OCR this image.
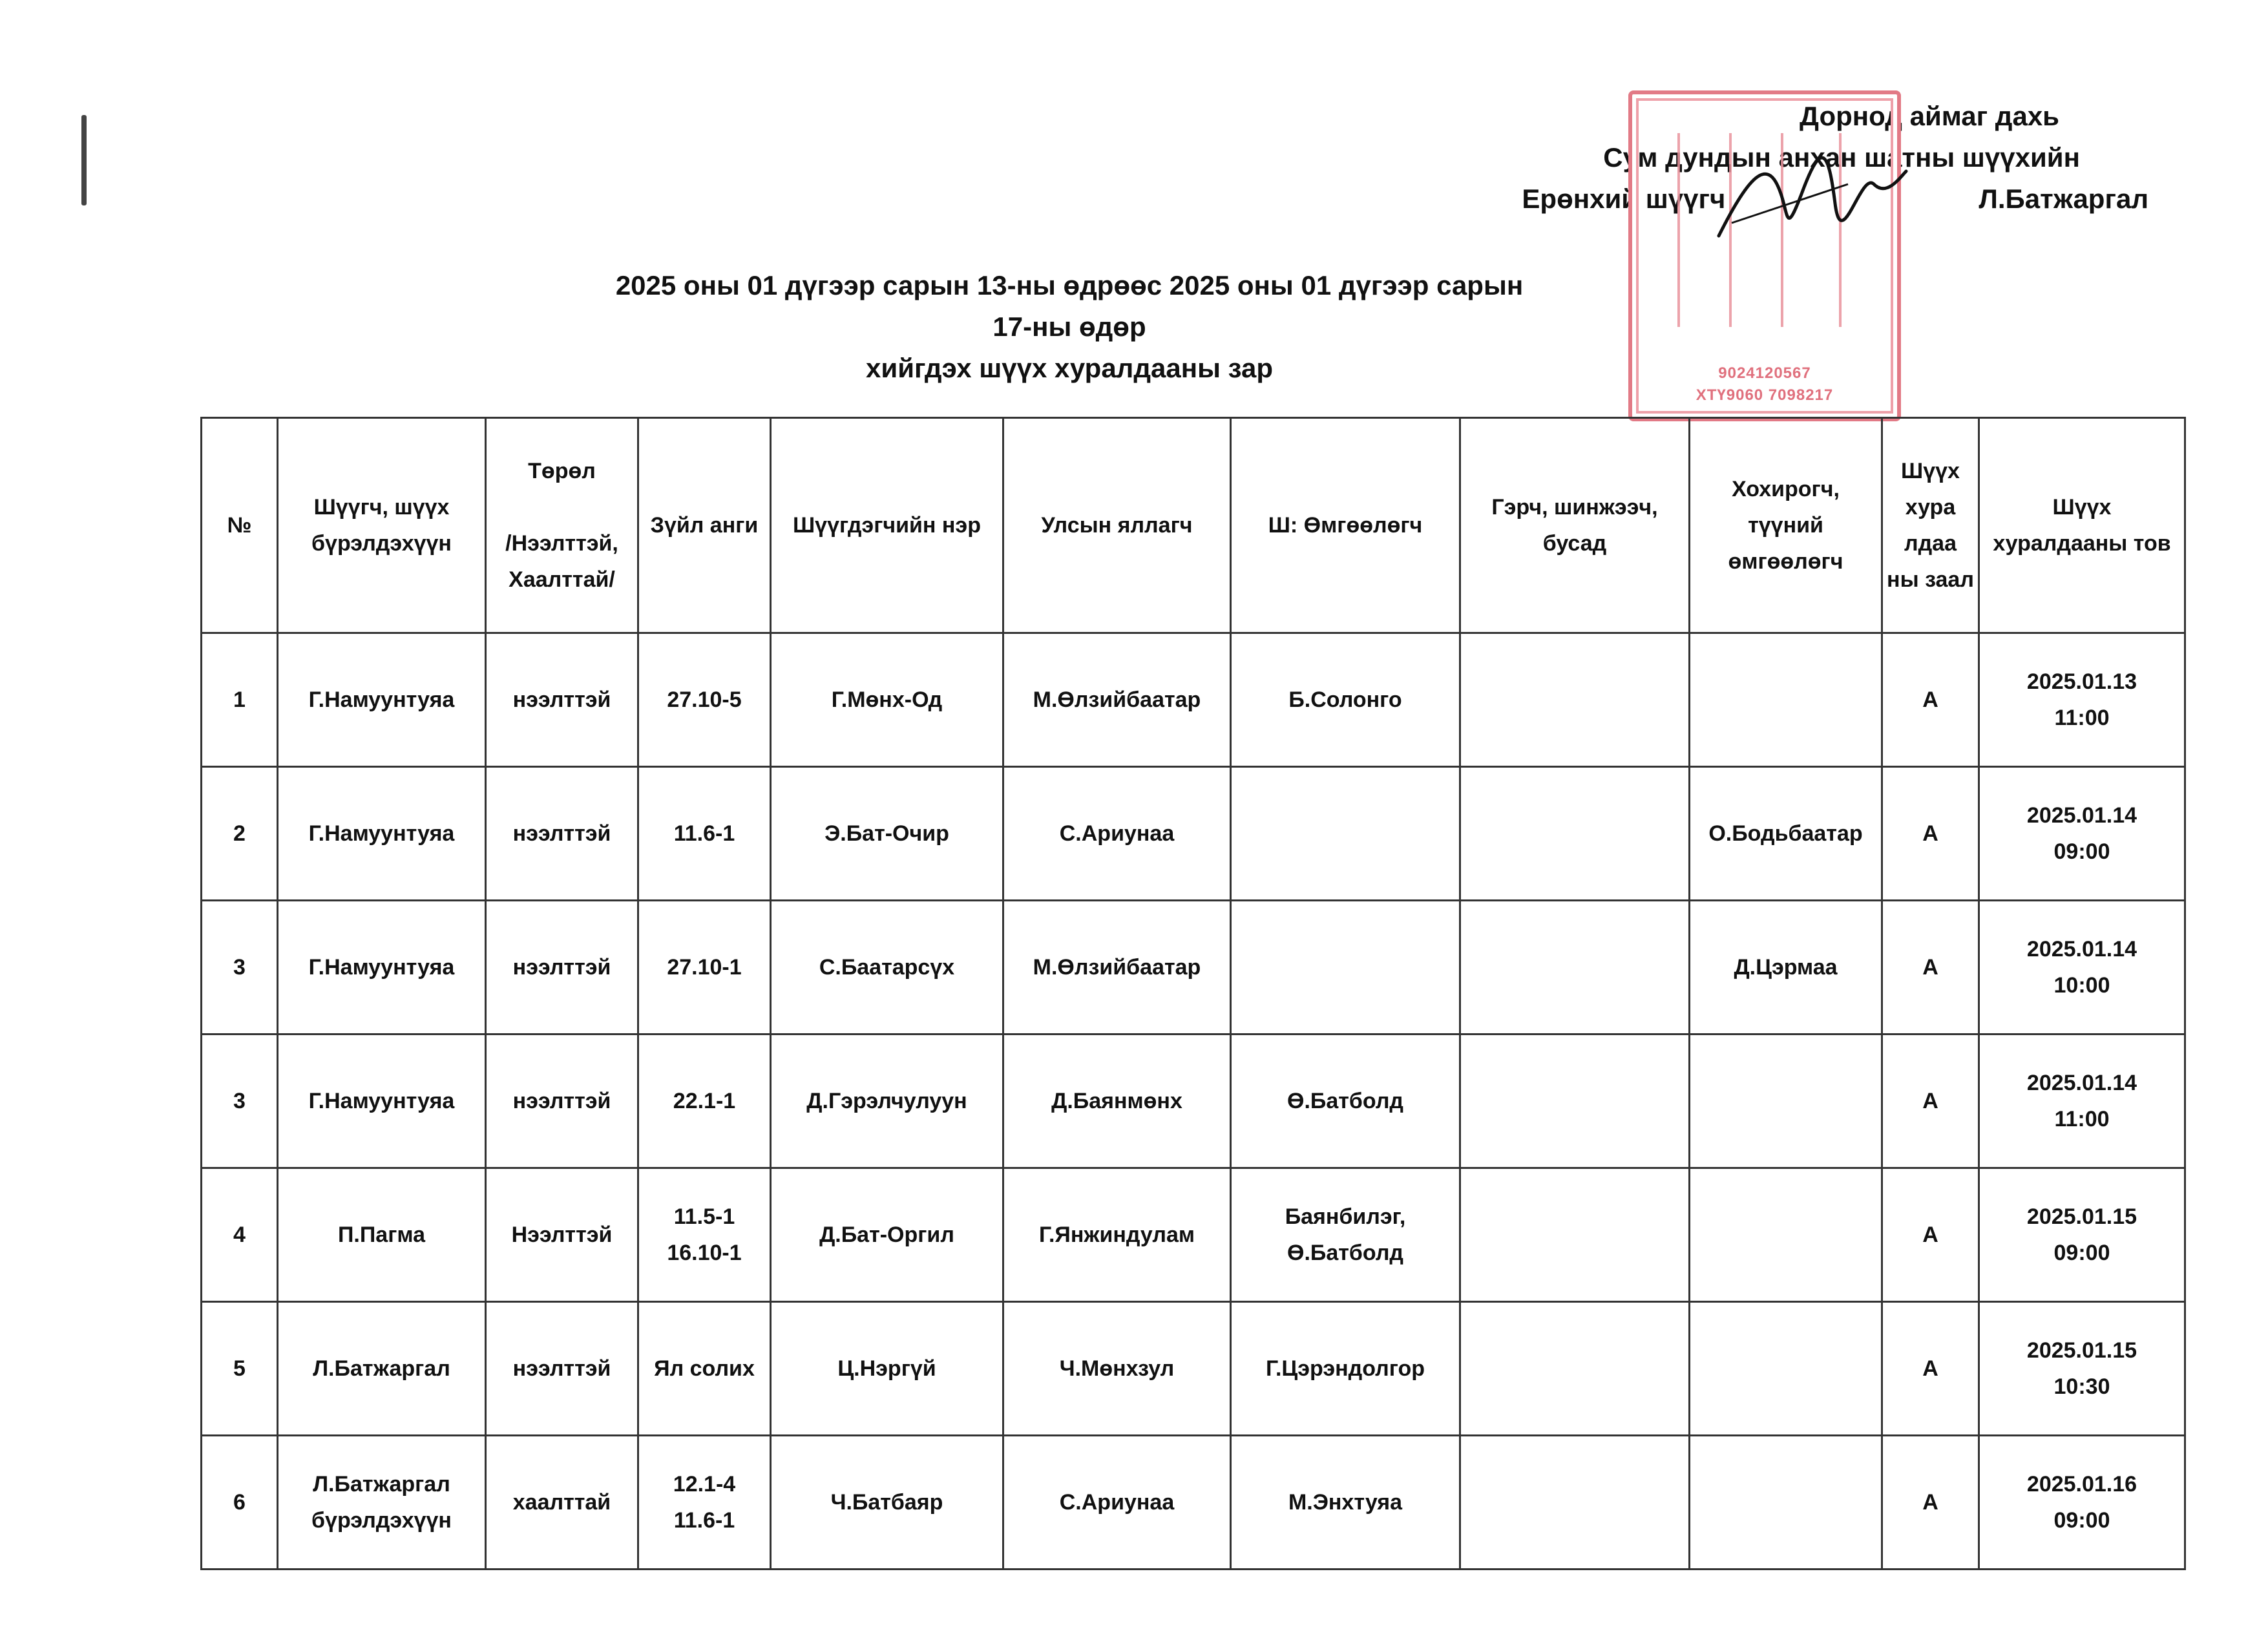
Дорнод аймаг дахь
Сум дундын анхан шатны шүүхийн
Ерөнхий шүүгч	Л.Батжаргал
9024120567
ХТҮ9060 7098217
2025 оны 01 дүгээр сарын 13-ны өдрөөс 2025 оны 01 дүгээр сарын 17-ны өдөр
хийгдэх шүүх хуралдааны зар
№	Шүүгч, шүүх бүрэлдэхүүн	Төрөл

/Нээлттэй, Хаалттай/	Зүйл анги	Шүүгдэгчийн нэр	Улсын яллагч	Ш: Өмгөөлөгч	Гэрч, шинжээч, бусад	Хохирогч, түүний өмгөөлөгч	Шүүх хура лдаа ны заал	Шүүх хуралдааны тов
1	Г.Намуунтуяа	нээлттэй	27.10-5	Г.Мөнх-Од	М.Өлзийбаатар	Б.Солонго			А	2025.01.13
11:00
2	Г.Намуунтуяа	нээлттэй	11.6-1	Э.Бат-Очир	С.Ариунаа			О.Бодьбаатар	А	2025.01.14
09:00
3	Г.Намуунтуяа	нээлттэй	27.10-1	С.Баатарсүх	М.Өлзийбаатар			Д.Цэрмаа	А	2025.01.14
10:00
3	Г.Намуунтуяа	нээлттэй	22.1-1	Д.Гэрэлчулуун	Д.Баянмөнх	Ө.Батболд			А	2025.01.14
11:00
4	П.Пагма	Нээлттэй	11.5-1
16.10-1	Д.Бат-Оргил	Г.Янжиндулам	Баянбилэг,
Ө.Батболд			А	2025.01.15
09:00
5	Л.Батжаргал	нээлттэй	Ял солих	Ц.Нэргүй	Ч.Мөнхзул	Г.Цэрэндолгор			А	2025.01.15
10:30
6	Л.Батжаргал бүрэлдэхүүн	хаалттай	12.1-4
11.6-1	Ч.Батбаяр	С.Ариунаа	М.Энхтуяа			А	2025.01.16
09:00
